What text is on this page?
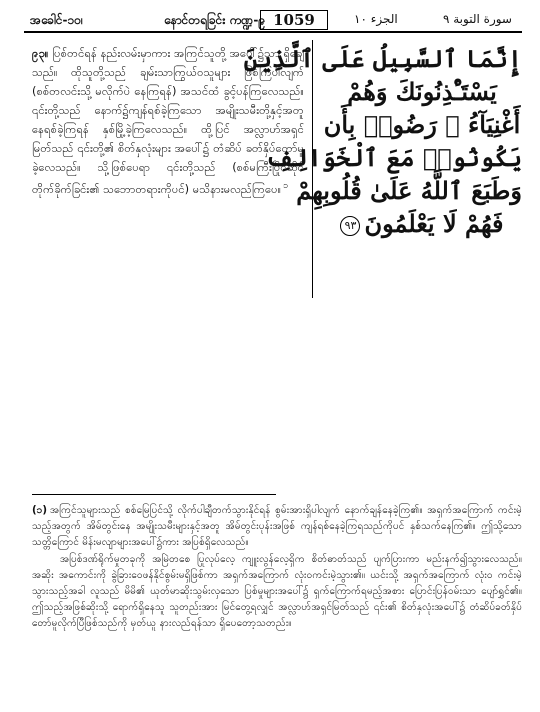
အခေါင်-၁၀၊	နောင်တရခြင်း ကဏ္ဍ-၉ 1059	الجزء ١٠	سورة التوبة ٩
၉၃။ ပြစ်တင်ရန် နည်းလမ်းမှာကား အကြင်သူတို့ အပေါ်၌သာ ရှိချေသည်။ ထိုသူတို့သည် ချမ်းသာကြွယ်ဝသူများ ဖြစ်ကြပါလျက် (စစ်တလင်းသို့ မလိုက်ပဲ နေကြရန်) အသင်ထံ ခွင့်ပန်ကြလေသည်။ ၎င်းတို့သည် နောက်၌ကျန်ရစ်ခဲ့ကြသော အမျိုးသမီးတို့နှင့်အတူ နေရစ်ခဲ့ကြရန် နှစ်မြို့ခဲ့ကြလေသည်။ ထို့ပြင် အလ္လာဟ်အရှင်မြတ်သည် ၎င်းတို့၏ စိတ်နှလုံးများ အပေါ်၌ တံဆိပ် ခတ်နှိပ်တော်မူခဲ့လေသည်။ သို့ဖြစ်ပေရာ ၎င်းတို့သည် (စစ်မကြီးပြိုင်ဆိုင် တိုက်ခိုက်ခြင်း၏ သဘောတရားကိုပင်) မသိနားမလည်ကြပေ။ $^၁$
إِنَّمَا ٱلسَّبِيلُ عَلَى ٱلَّذِينَ
يَسْتَـْٔذِنُونَكَ وَهُمْ
أَغْنِيَآءُ ۚ رَضُوا۟ بِأَن
يَكُونُوا۟ مَعَ ٱلْخَوَالِفِ
وَطَبَعَ ٱللَّهُ عَلَىٰ قُلُوبِهِمْ
فَهُمْ لَا يَعْلَمُونَ٩٣

(၁) အကြင်သူများသည် စစ်မြေပြင်သို့ လိုက်ပါချီတက်သွားနိုင်ရန် စွမ်းအားရှိပါလျက် နောက်ချန်နေခဲ့ကြ၏။ အရှက်အကြောက် ကင်းမဲ့သည့်အတွက် အိမ်တွင်းနေ အမျိုးသမီးများနှင့်အတူ အိမ်တွင်းပုန်းအဖြစ် ကျန်ရစ်နေခဲ့ကြရသည်ကိုပင် နှစ်သက်နေကြ၏။ ဤသို့သော သတ္တိကြောင် မိန်းမလျာများအပေါ်၌ကား အပြစ်ရှိလေသည်။

အပြစ်ဒဏ်ရိုက်မှုတခုကို အမြဲတစေ ပြုလုပ်လေ့ ကျူးလွန်လေ့ရှိက စိတ်ဓာတ်သည် ပျက်ပြားကာ မည်းနက်၍သွားလေသည်။ အဆိုး အကောင်းကို ခွဲခြားဝေဖန်နိုင်စွမ်းမရှိဖြစ်ကာ အရှက်အကြောက် လုံးဝကင်းမဲ့သွား၏။ ယင်းသို့ အရှက်အကြောက် လုံးဝ ကင်းမဲ့သွားသည့်အခါ လူသည် မိမိ၏ ယုတ်မာဆိုးသွမ်းလှသော ပြစ်မှုများအပေါ်၌ ရှက်ကြောက်ရမည့်အစား ပြောင်းပြန်ဝမ်းသာ ပျော်ရွှင်၏။ ဤသည့်အဖြစ်ဆိုးသို့ ရောက်ရှိနေသူ သူတည်းအား မြင်တွေ့ရလျှင် အလ္လာဟ်အရှင်မြတ်သည် ၎င်း၏ စိတ်နှလုံးအပေါ်၌ တံဆိပ်ခတ်နှိပ်တော်မူလိုက်ပြီဖြစ်သည်ကို မှတ်ယူ နားလည်ရန်သာ ရှိပေတော့သတည်း။
